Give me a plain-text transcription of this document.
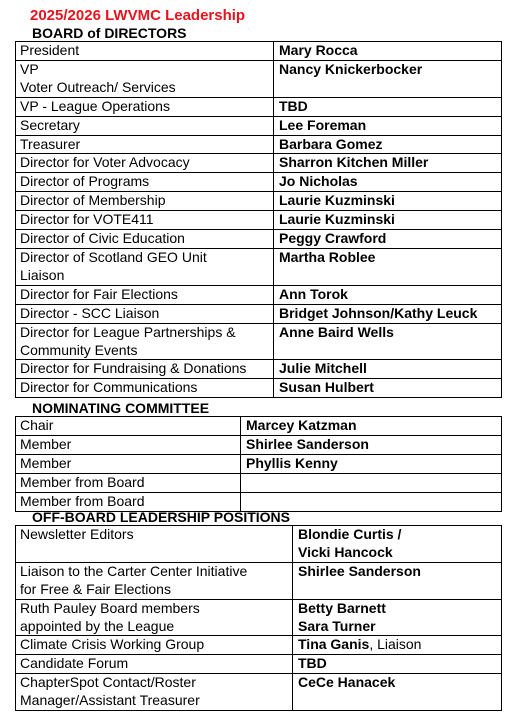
2025/2026 LWVMC Leadership
BOARD of DIRECTORS
President	Mary Rocca
VP
Voter Outreach/ Services	Nancy Knickerbocker
VP - League Operations	TBD
Secretary	Lee Foreman
Treasurer	Barbara Gomez
Director for Voter Advocacy	Sharron Kitchen Miller
Director of Programs	Jo Nicholas
Director of Membership	Laurie Kuzminski
Director for VOTE411	Laurie Kuzminski
Director of Civic Education	Peggy Crawford
Director of Scotland GEO Unit
Liaison	Martha Roblee
Director for Fair Elections	Ann Torok
Director - SCC Liaison	Bridget Johnson/Kathy Leuck
Director for League Partnerships &
Community Events	Anne Baird Wells
Director for Fundraising & Donations	Julie Mitchell
Director for Communications	Susan Hulbert
NOMINATING COMMITTEE
Chair	Marcey Katzman
Member	Shirlee Sanderson
Member	Phyllis Kenny
Member from Board	
Member from Board	
OFF-BOARD LEADERSHIP POSITIONS
Newsletter Editors	Blondie Curtis /
Vicki Hancock
Liaison to the Carter Center Initiative
for Free & Fair Elections	Shirlee Sanderson
Ruth Pauley Board members
appointed by the League	Betty Barnett
Sara Turner
Climate Crisis Working Group	Tina Ganis, Liaison
Candidate Forum	TBD
ChapterSpot Contact/Roster
Manager/Assistant Treasurer	CeCe Hanacek
